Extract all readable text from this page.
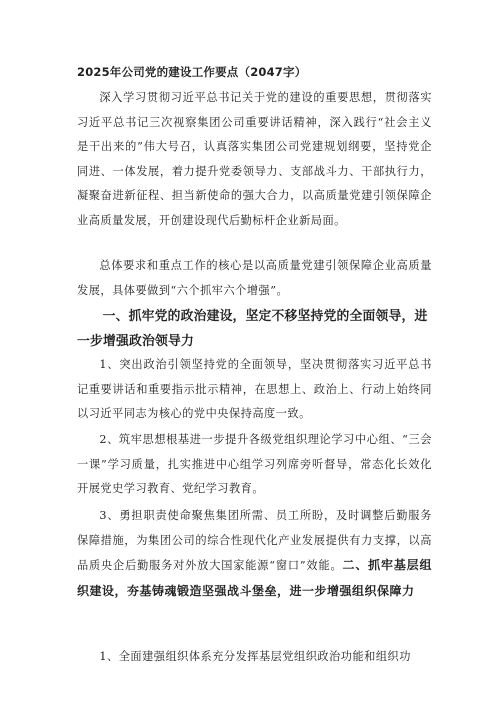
2025年公司党的建设工作要点（2047字）
深入学习贯彻习近平总书记关于党的建设的重要思想，贯彻落实习近平总书记三次视察集团公司重要讲话精神，深入践行“社会主义是干出来的”伟大号召，认真落实集团公司党建规划纲要，坚持党企同进、一体发展，着力提升党委领导力、支部战斗力、干部执行力，凝聚奋进新征程、担当新使命的强大合力，以高质量党建引领保障企业高质量发展，开创建设现代后勤标杆企业新局面。
总体要求和重点工作的核心是以高质量党建引领保障企业高质量发展，具体要做到“六个抓牢六个增强”。
一、抓牢党的政治建设，坚定不移坚持党的全面领导，进一步增强政治领导力
1、突出政治引领坚持党的全面领导，坚决贯彻落实习近平总书记重要讲话和重要指示批示精神，在思想上、政治上、行动上始终同以习近平同志为核心的党中央保持高度一致。
2、筑牢思想根基进一步提升各级党组织理论学习中心组、“三会一课”学习质量，扎实推进中心组学习列席旁听督导，常态化长效化开展党史学习教育、党纪学习教育。
3、勇担职责使命聚焦集团所需、员工所盼，及时调整后勤服务保障措施，为集团公司的综合性现代化产业发展提供有力支撑，以高品质央企后勤服务对外放大国家能源“窗口”效能。二、抓牢基层组织建设，夯基铸魂锻造坚强战斗堡垒，进一步增强组织保障力
1、全面建强组织体系充分发挥基层党组织政治功能和组织功
